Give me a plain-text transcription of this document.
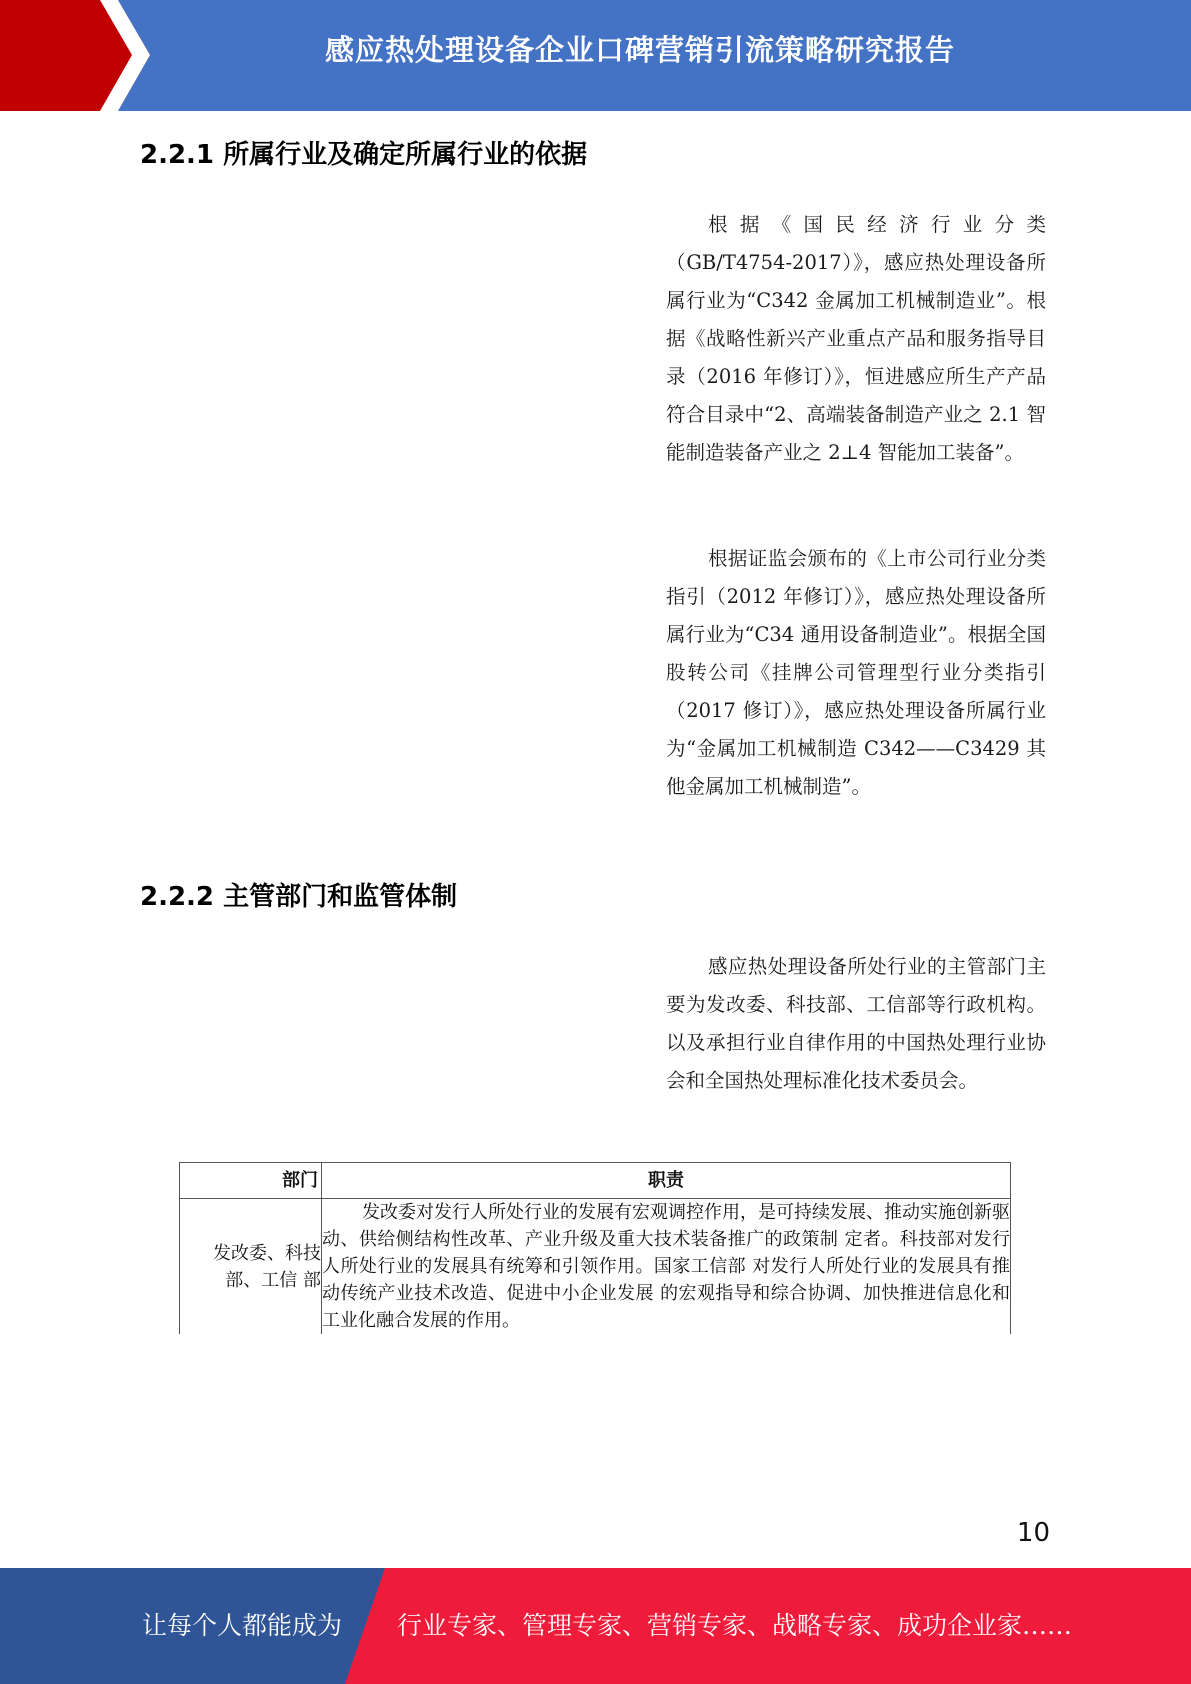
感应热处理设备企业口碑营销引流策略研究报告
2.2.1 所属行业及确定所属行业的依据

根据《国民经济行业分类（GB/T4754-2017）》，感应热处理设备所属行业为“C342 金属加工机械制造业”。根据《战略性新兴产业重点产品和服务指导目录（2016 年修订）》，恒进感应所生产产品符合目录中“2、高端装备制造产业之 2.1 智能制造装备产业之 2⊥4 智能加工装备”。

根据证监会颁布的《上市公司行业分类指引（2012 年修订）》，感应热处理设备所属行业为“C34 通用设备制造业”。根据全国股转公司《挂牌公司管理型行业分类指引（2017 修订）》，感应热处理设备所属行业为“金属加工机械制造 C342——C3429 其他金属加工机械制造”。

2.2.2 主管部门和监管体制

感应热处理设备所处行业的主管部门主要为发改委、科技部、工信部等行政机构。以及承担行业自律作用的中国热处理行业协会和全国热处理标准化技术委员会。

部门	职责
发改委、科技部、工信 部	发改委对发行人所处行业的发展有宏观调控作用，是可持续发展、推动实施创新驱动、供给侧结构性改革、产业升级及重大技术装备推广的政策制 定者。科技部对发行人所处行业的发展具有统筹和引领作用。国家工信部 对发行人所处行业的发展具有推动传统产业技术改造、促进中小企业发展 的宏观指导和综合协调、加快推进信息化和工业化融合发展的作用。
10
让每个人都能成为 行业专家、管理专家、营销专家、战略专家、成功企业家……
